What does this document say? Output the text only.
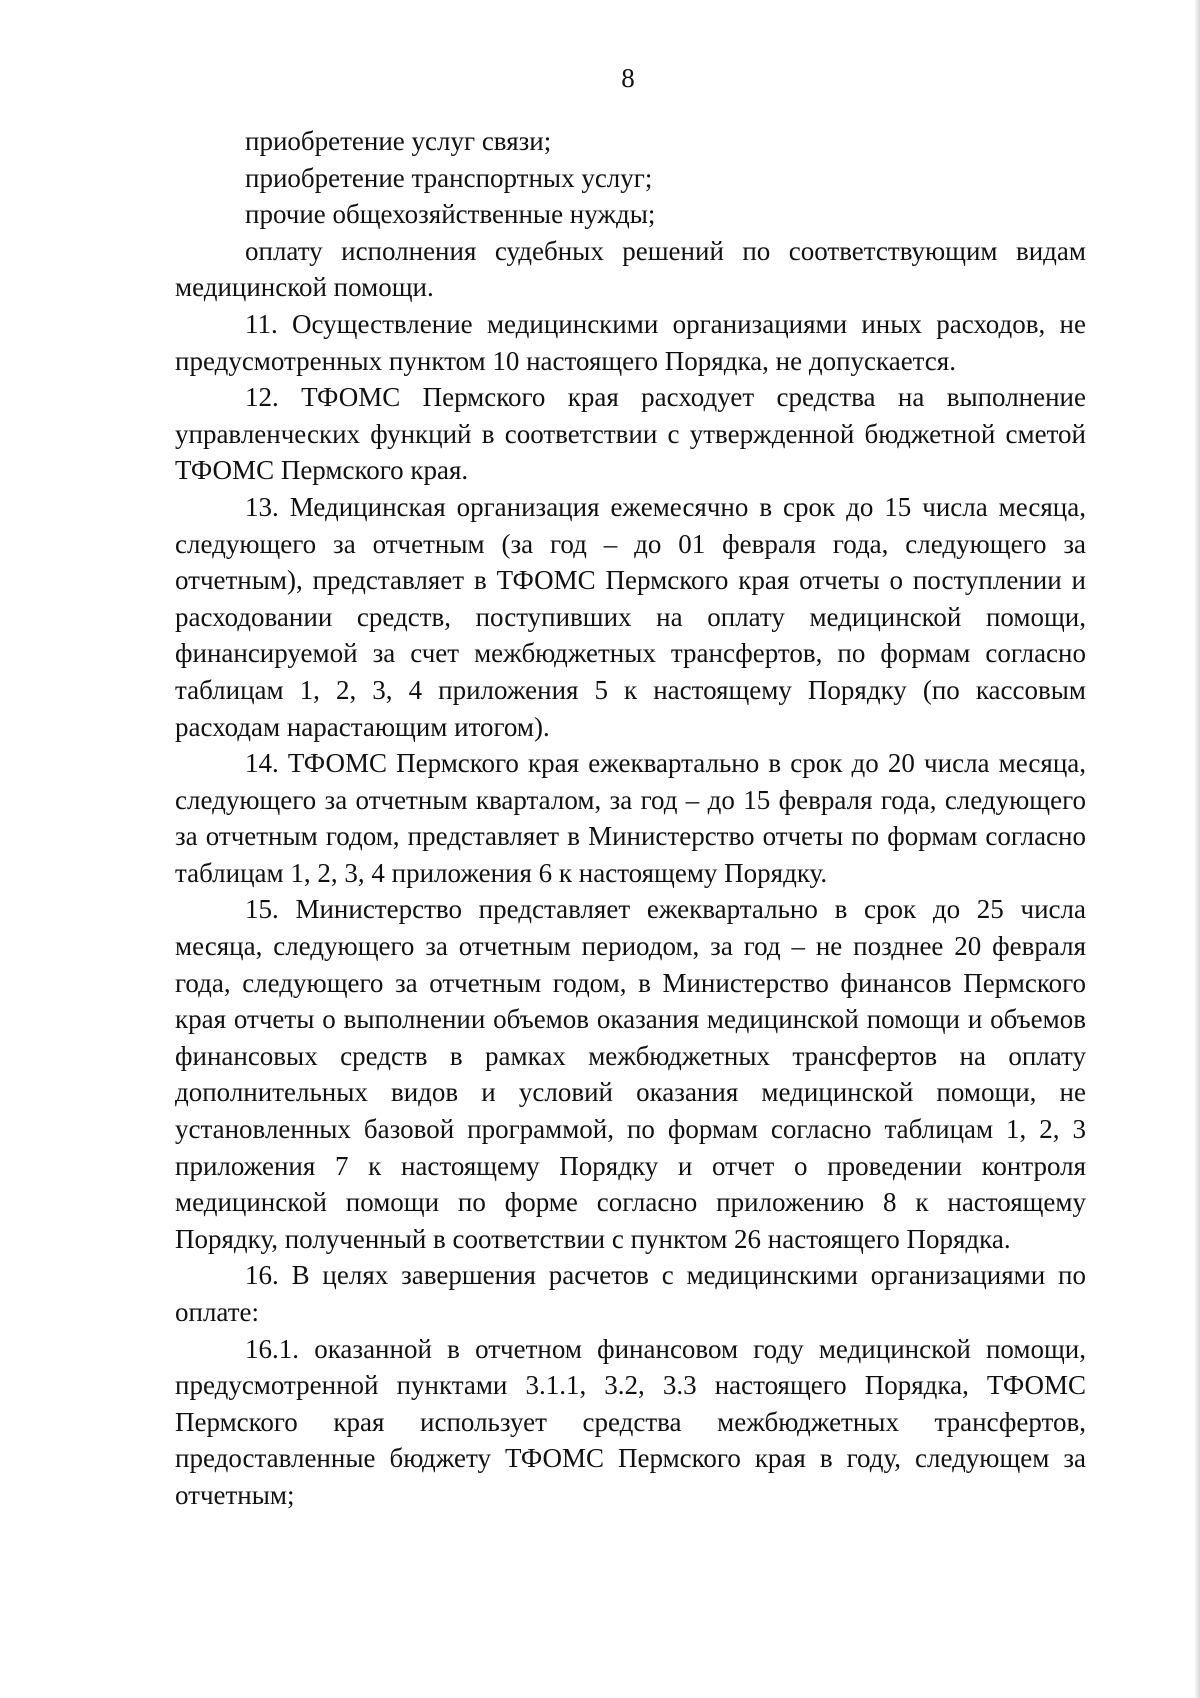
8

приобретение услуг связи;

приобретение транспортных услуг;

прочие общехозяйственные нужды;

оплату исполнения судебных решений по соответствующим видам медицинской помощи.

11. Осуществление медицинскими организациями иных расходов, не предусмотренных пунктом 10 настоящего Порядка, не допускается.

12. ТФОМС Пермского края расходует средства на выполнение управленческих функций в соответствии с утвержденной бюджетной сметой ТФОМС Пермского края.

13. Медицинская организация ежемесячно в срок до 15 числа месяца, следующего за отчетным (за год – до 01 февраля года, следующего за отчетным), представляет в ТФОМС Пермского края отчеты о поступлении и расходовании средств, поступивших на оплату медицинской помощи, финансируемой за счет межбюджетных трансфертов, по формам согласно таблицам 1, 2, 3, 4 приложения 5 к настоящему Порядку (по кассовым расходам нарастающим итогом).

14. ТФОМС Пермского края ежеквартально в срок до 20 числа месяца, следующего за отчетным кварталом, за год – до 15 февраля года, следующего за отчетным годом, представляет в Министерство отчеты по формам согласно таблицам 1, 2, 3, 4 приложения 6 к настоящему Порядку.

15. Министерство представляет ежеквартально в срок до 25 числа месяца, следующего за отчетным периодом, за год – не позднее 20 февраля года, следующего за отчетным годом, в Министерство финансов Пермского края отчеты о выполнении объемов оказания медицинской помощи и объемов финансовых средств в рамках межбюджетных трансфертов на оплату дополнительных видов и условий оказания медицинской помощи, не установленных базовой программой, по формам согласно таблицам 1, 2, 3 приложения 7 к настоящему Порядку и отчет о проведении контроля медицинской помощи по форме согласно приложению 8 к настоящему Порядку, полученный в соответствии с пунктом 26 настоящего Порядка.

16. В целях завершения расчетов с медицинскими организациями по оплате:

16.1. оказанной в отчетном финансовом году медицинской помощи, предусмотренной пунктами 3.1.1, 3.2, 3.3 настоящего Порядка, ТФОМС Пермского края использует средства межбюджетных трансфертов, предоставленные бюджету ТФОМС Пермского края в году, следующем за отчетным;
